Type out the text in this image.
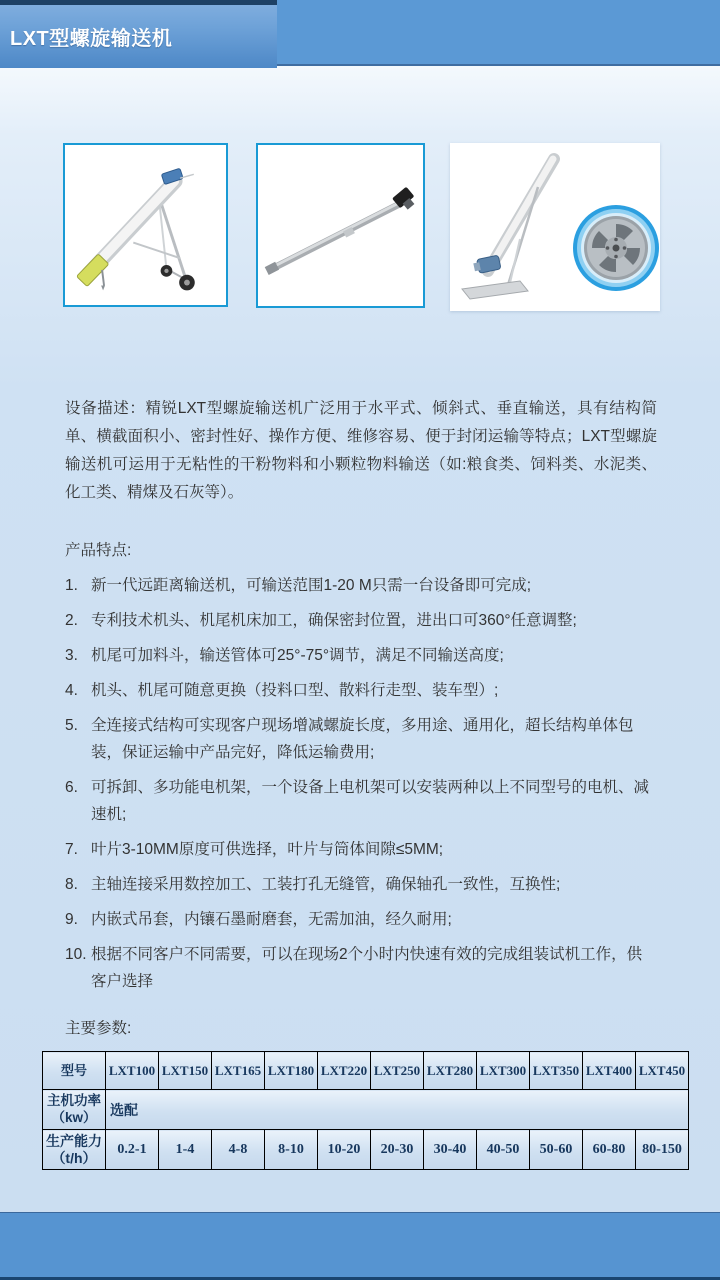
LXT型螺旋输送机

设备描述：精锐LXT型螺旋输送机广泛用于水平式、倾斜式、垂直输送，具有结构简单、横截面积小、密封性好、操作方便、维修容易、便于封闭运输等特点；LXT型螺旋输送机可运用于无粘性的干粉物料和小颗粒物料输送（如:粮食类、饲料类、水泥类、化工类、精煤及石灰等）。

产品特点:
1. 新一代远距离输送机，可输送范围1-20 M只需一台设备即可完成;
2. 专利技术机头、机尾机床加工，确保密封位置，进出口可360°任意调整;
3. 机尾可加料斗，输送管体可25°-75°调节，满足不同输送高度;
4. 机头、机尾可随意更换（投料口型、散料行走型、装车型）;
5. 全连接式结构可实现客户现场增减螺旋长度，多用途、通用化，超长结构单体包装，保证运输中产品完好，降低运输费用;
6. 可拆卸、多功能电机架，一个设备上电机架可以安装两种以上不同型号的电机、减速机;
7. 叶片3-10MM原度可供选择，叶片与筒体间隙≤5MM;
8. 主轴连接采用数控加工、工装打孔无缝管，确保轴孔一致性，互换性;
9. 内嵌式吊套，内镶石墨耐磨套，无需加油，经久耐用;
10. 根据不同客户不同需要，可以在现场2个小时内快速有效的完成组装试机工作，供客户选择
主要参数:
型号	LXT100	LXT150	LXT165	LXT180	LXT220	LXT250	LXT280	LXT300	LXT350	LXT400	LXT450

主机功率
（kw）	选配										

生产能力
（t/h）	0.2-1	1-4	4-8	8-10	10-20	20-30	30-40	40-50	50-60	60-80	80-150
